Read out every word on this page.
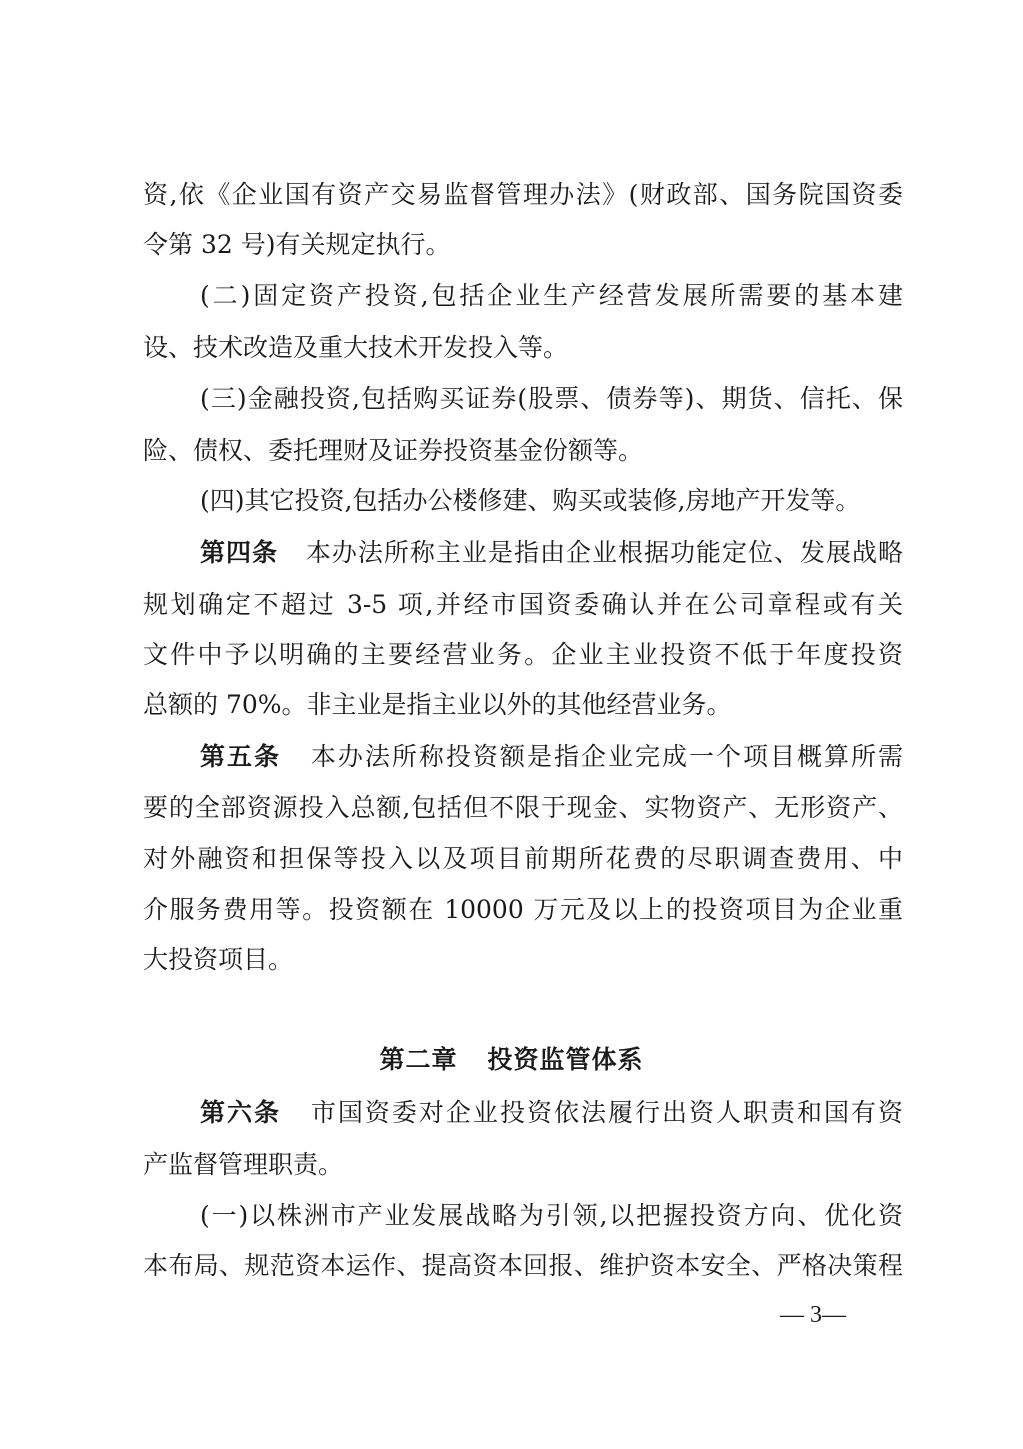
资,依《企业国有资产交易监督管理办法》(财政部、国务院国资委
令第 32 号)有关规定执行。
(二)固定资产投资,包括企业生产经营发展所需要的基本建
设、技术改造及重大技术开发投入等。
(三)金融投资,包括购买证券(股票、债券等)、期货、信托、保
险、债权、委托理财及证券投资基金份额等。
(四)其它投资,包括办公楼修建、购买或装修,房地产开发等。
第四条 本办法所称主业是指由企业根据功能定位、发展战略
规划确定不超过 3-5 项,并经市国资委确认并在公司章程或有关
文件中予以明确的主要经营业务。企业主业投资不低于年度投资
总额的 70%。非主业是指主业以外的其他经营业务。
第五条 本办法所称投资额是指企业完成一个项目概算所需
要的全部资源投入总额,包括但不限于现金、实物资产、无形资产、
对外融资和担保等投入以及项目前期所花费的尽职调查费用、中
介服务费用等。投资额在 10000 万元及以上的投资项目为企业重
大投资项目。
第二章 投资监管体系
第六条 市国资委对企业投资依法履行出资人职责和国有资
产监督管理职责。
(一)以株洲市产业发展战略为引领,以把握投资方向、优化资
本布局、规范资本运作、提高资本回报、维护资本安全、严格决策程
— 3—
